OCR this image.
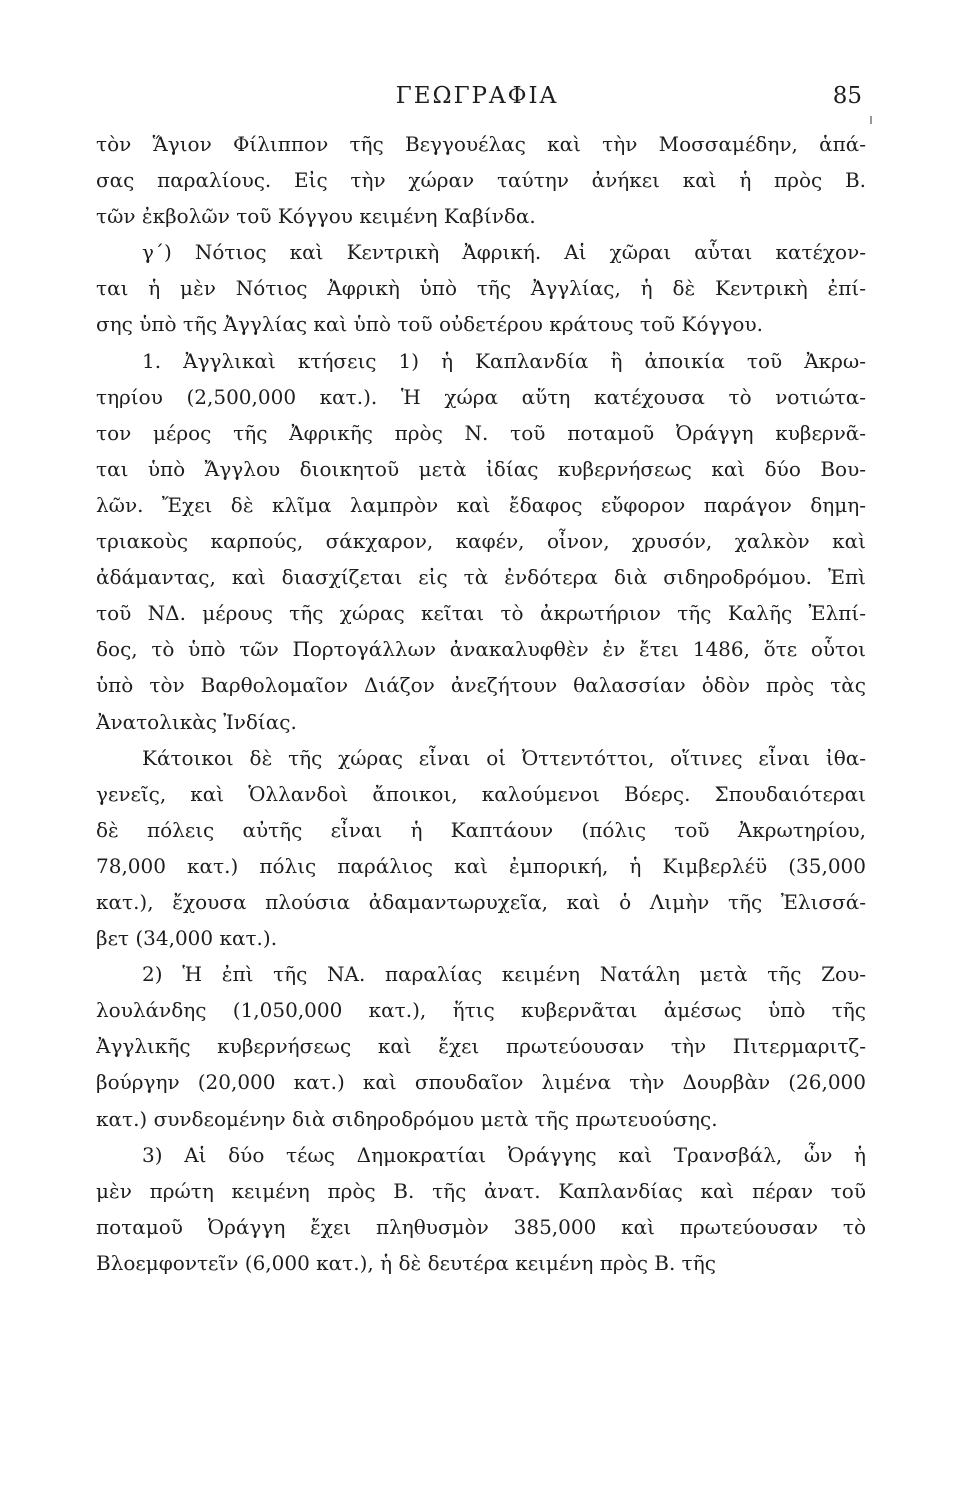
ΓΕΩΓΡΑΦΙΑ	85
τὸν Ἅγιον Φίλιππον τῆς Βεγγουέλας καὶ τὴν Μοσσαμέδην, ἁπά-
σας παραλίους. Εἰς τὴν χώραν ταύτην ἀνήκει καὶ ἡ πρὸς Β.
τῶν ἐκβολῶν τοῦ Κόγγου κειμένη Καβίνδα.
γ΄) Νότιος καὶ Κεντρικὴ Ἀφρική. Αἱ χῶραι αὗται κατέχον-
ται ἡ μὲν Νότιος Ἀφρικὴ ὑπὸ τῆς Ἀγγλίας, ἡ δὲ Κεντρικὴ ἐπί-
σης ὑπὸ τῆς Ἀγγλίας καὶ ὑπὸ τοῦ οὐδετέρου κράτους τοῦ Κόγγου.
1. Ἀγγλικαὶ κτήσεις 1) ἡ Καπλανδία ἢ ἀποικία τοῦ Ἀκρω-
τηρίου (2,500,000 κατ.). Ἡ χώρα αὕτη κατέχουσα τὸ νοτιώτα-
τον μέρος τῆς Ἀφρικῆς πρὸς Ν. τοῦ ποταμοῦ Ὀράγγη κυβερνᾶ-
ται ὑπὸ Ἄγγλου διοικητοῦ μετὰ ἰδίας κυβερνήσεως καὶ δύο Βου-
λῶν. Ἔχει δὲ κλῖμα λαμπρὸν καὶ ἔδαφος εὔφορον παράγον δημη-
τριακοὺς καρπούς, σάκχαρον, καφέν, οἶνον, χρυσόν, χαλκὸν καὶ
ἀδάμαντας, καὶ διασχίζεται εἰς τὰ ἐνδότερα διὰ σιδηροδρόμου. Ἐπὶ
τοῦ ΝΔ. μέρους τῆς χώρας κεῖται τὸ ἀκρωτήριον τῆς Καλῆς Ἐλπί-
δος, τὸ ὑπὸ τῶν Πορτογάλλων ἀνακαλυφθὲν ἐν ἔτει 1486, ὅτε οὗτοι
ὑπὸ τὸν Βαρθολομαῖον Διάζον ἀνεζήτουν θαλασσίαν ὁδὸν πρὸς τὰς
Ἀνατολικὰς Ἰνδίας.
Κάτοικοι δὲ τῆς χώρας εἶναι οἱ Ὀττεντόττοι, οἵτινες εἶναι ἰθα-
γενεῖς, καὶ Ὁλλανδοὶ ἄποικοι, καλούμενοι Βόερς. Σπουδαιότεραι
δὲ πόλεις αὐτῆς εἶναι ἡ Καπτάουν (πόλις τοῦ Ἀκρωτηρίου,
78,000 κατ.) πόλις παράλιος καὶ ἐμπορική, ἡ Κιμβερλέϋ (35,000
κατ.), ἔχουσα πλούσια ἀδαμαντωρυχεῖα, καὶ ὁ Λιμὴν τῆς Ἐλισσά-
βετ (34,000 κατ.).
2) Ἡ ἐπὶ τῆς ΝΑ. παραλίας κειμένη Νατάλη μετὰ τῆς Ζου-
λουλάνδης (1,050,000 κατ.), ἥτις κυβερνᾶται ἀμέσως ὑπὸ τῆς
Ἀγγλικῆς κυβερνήσεως καὶ ἔχει πρωτεύουσαν τὴν Πιτερμαριτζ-
βούργην (20,000 κατ.) καὶ σπουδαῖον λιμένα τὴν Δουρβὰν (26,000
κατ.) συνδεομένην διὰ σιδηροδρόμου μετὰ τῆς πρωτευούσης.
3) Αἱ δύο τέως Δημοκρατίαι Ὀράγγης καὶ Τρανσβάλ, ὧν ἡ
μὲν πρώτη κειμένη πρὸς Β. τῆς ἀνατ. Καπλανδίας καὶ πέραν τοῦ
ποταμοῦ Ὀράγγη ἔχει πληθυσμὸν 385,000 καὶ πρωτεύουσαν τὸ
Βλοεμφοντεῖν (6,000 κατ.), ἡ δὲ δευτέρα κειμένη πρὸς Β. τῆς
